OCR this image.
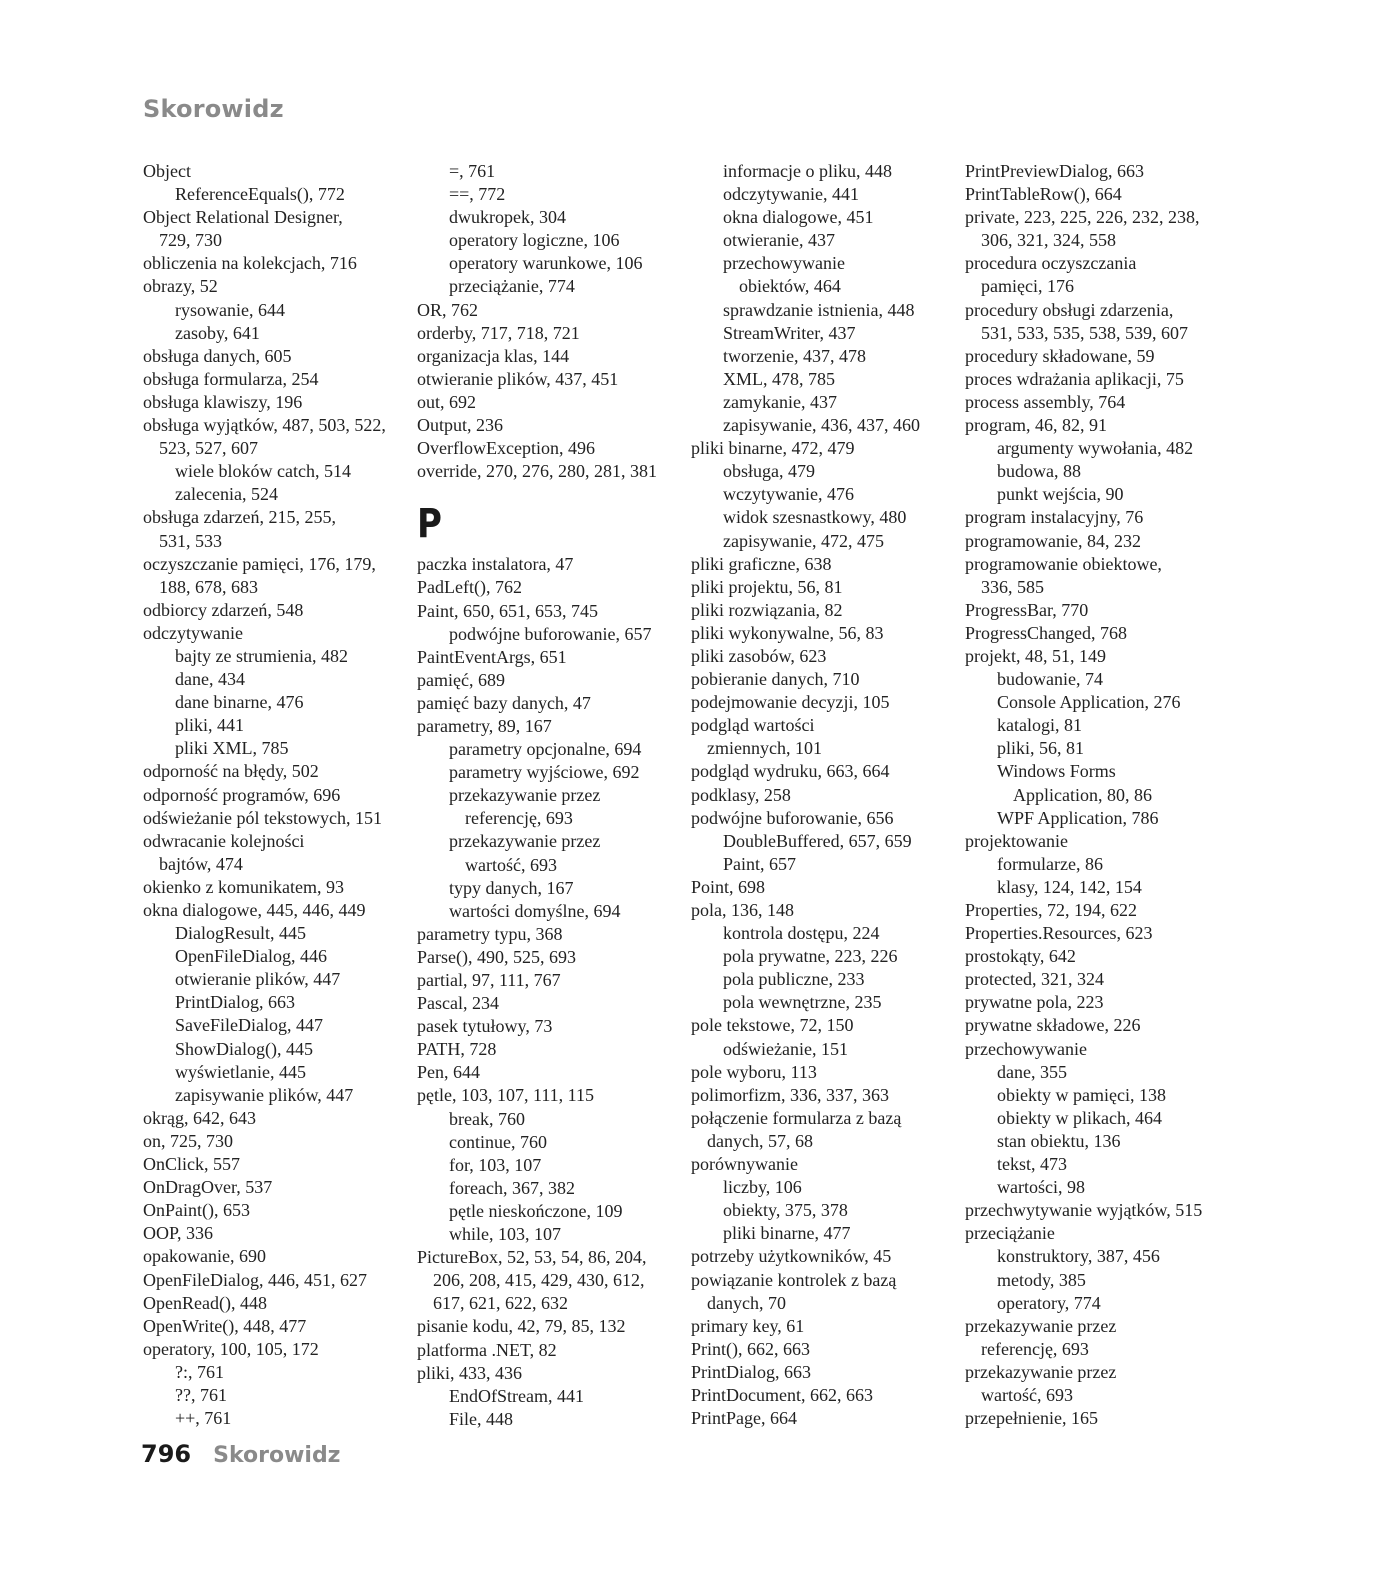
Skorowidz
Object
ReferenceEquals(), 772
Object Relational Designer,
729, 730
obliczenia na kolekcjach, 716
obrazy, 52
rysowanie, 644
zasoby, 641
obsługa danych, 605
obsługa formularza, 254
obsługa klawiszy, 196
obsługa wyjątków, 487, 503, 522,
523, 527, 607
wiele bloków catch, 514
zalecenia, 524
obsługa zdarzeń, 215, 255,
531, 533
oczyszczanie pamięci, 176, 179,
188, 678, 683
odbiorcy zdarzeń, 548
odczytywanie
bajty ze strumienia, 482
dane, 434
dane binarne, 476
pliki, 441
pliki XML, 785
odporność na błędy, 502
odporność programów, 696
odświeżanie pól tekstowych, 151
odwracanie kolejności
bajtów, 474
okienko z komunikatem, 93
okna dialogowe, 445, 446, 449
DialogResult, 445
OpenFileDialog, 446
otwieranie plików, 447
PrintDialog, 663
SaveFileDialog, 447
ShowDialog(), 445
wyświetlanie, 445
zapisywanie plików, 447
okrąg, 642, 643
on, 725, 730
OnClick, 557
OnDragOver, 537
OnPaint(), 653
OOP, 336
opakowanie, 690
OpenFileDialog, 446, 451, 627
OpenRead(), 448
OpenWrite(), 448, 477
operatory, 100, 105, 172
?:, 761
??, 761
++, 761
=, 761
==, 772
dwukropek, 304
operatory logiczne, 106
operatory warunkowe, 106
przeciążanie, 774
OR, 762
orderby, 717, 718, 721
organizacja klas, 144
otwieranie plików, 437, 451
out, 692
Output, 236
OverflowException, 496
override, 270, 276, 280, 281, 381
P
paczka instalatora, 47
PadLeft(), 762
Paint, 650, 651, 653, 745
podwójne buforowanie, 657
PaintEventArgs, 651
pamięć, 689
pamięć bazy danych, 47
parametry, 89, 167
parametry opcjonalne, 694
parametry wyjściowe, 692
przekazywanie przez
referencję, 693
przekazywanie przez
wartość, 693
typy danych, 167
wartości domyślne, 694
parametry typu, 368
Parse(), 490, 525, 693
partial, 97, 111, 767
Pascal, 234
pasek tytułowy, 73
PATH, 728
Pen, 644
pętle, 103, 107, 111, 115
break, 760
continue, 760
for, 103, 107
foreach, 367, 382
pętle nieskończone, 109
while, 103, 107
PictureBox, 52, 53, 54, 86, 204,
206, 208, 415, 429, 430, 612,
617, 621, 622, 632
pisanie kodu, 42, 79, 85, 132
platforma .NET, 82
pliki, 433, 436
EndOfStream, 441
File, 448
informacje o pliku, 448
odczytywanie, 441
okna dialogowe, 451
otwieranie, 437
przechowywanie
obiektów, 464
sprawdzanie istnienia, 448
StreamWriter, 437
tworzenie, 437, 478
XML, 478, 785
zamykanie, 437
zapisywanie, 436, 437, 460
pliki binarne, 472, 479
obsługa, 479
wczytywanie, 476
widok szesnastkowy, 480
zapisywanie, 472, 475
pliki graficzne, 638
pliki projektu, 56, 81
pliki rozwiązania, 82
pliki wykonywalne, 56, 83
pliki zasobów, 623
pobieranie danych, 710
podejmowanie decyzji, 105
podgląd wartości
zmiennych, 101
podgląd wydruku, 663, 664
podklasy, 258
podwójne buforowanie, 656
DoubleBuffered, 657, 659
Paint, 657
Point, 698
pola, 136, 148
kontrola dostępu, 224
pola prywatne, 223, 226
pola publiczne, 233
pola wewnętrzne, 235
pole tekstowe, 72, 150
odświeżanie, 151
pole wyboru, 113
polimorfizm, 336, 337, 363
połączenie formularza z bazą
danych, 57, 68
porównywanie
liczby, 106
obiekty, 375, 378
pliki binarne, 477
potrzeby użytkowników, 45
powiązanie kontrolek z bazą
danych, 70
primary key, 61
Print(), 662, 663
PrintDialog, 663
PrintDocument, 662, 663
PrintPage, 664
PrintPreviewDialog, 663
PrintTableRow(), 664
private, 223, 225, 226, 232, 238,
306, 321, 324, 558
procedura oczyszczania
pamięci, 176
procedury obsługi zdarzenia,
531, 533, 535, 538, 539, 607
procedury składowane, 59
proces wdrażania aplikacji, 75
process assembly, 764
program, 46, 82, 91
argumenty wywołania, 482
budowa, 88
punkt wejścia, 90
program instalacyjny, 76
programowanie, 84, 232
programowanie obiektowe,
336, 585
ProgressBar, 770
ProgressChanged, 768
projekt, 48, 51, 149
budowanie, 74
Console Application, 276
katalogi, 81
pliki, 56, 81
Windows Forms
Application, 80, 86
WPF Application, 786
projektowanie
formularze, 86
klasy, 124, 142, 154
Properties, 72, 194, 622
Properties.Resources, 623
prostokąty, 642
protected, 321, 324
prywatne pola, 223
prywatne składowe, 226
przechowywanie
dane, 355
obiekty w pamięci, 138
obiekty w plikach, 464
stan obiektu, 136
tekst, 473
wartości, 98
przechwytywanie wyjątków, 515
przeciążanie
konstruktory, 387, 456
metody, 385
operatory, 774
przekazywanie przez
referencję, 693
przekazywanie przez
wartość, 693
przepełnienie, 165
796 Skorowidz
